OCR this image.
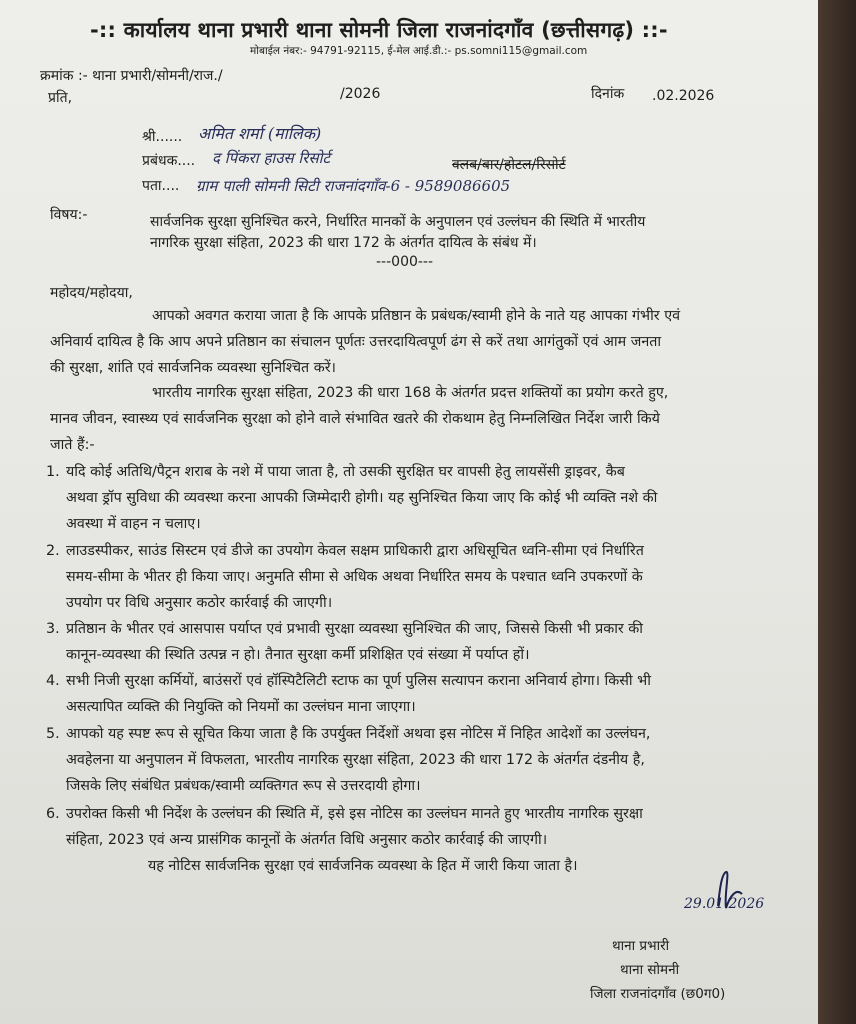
-:: कार्यालय थाना प्रभारी थाना सोमनी जिला राजनांदगाँव (छत्तीसगढ़) ::-
मोबाईल नंबर:- 94791-92115, ई-मेल आई.डी.:- ps.somni115@gmail.com
क्रमांक :- थाना प्रभारी/सोमनी/राज./
/2026
प्रति,	दिनांक .02.2026
श्री...... अमित शर्मा (मालिक)
प्रबंधक.... द पिंकरा हाउस रिसोर्ट	क्लब/बार/होटल/रिसोर्ट
पता.... ग्राम पाली सोमनी सिटी राजनांदगाँव-6 - 9589086605
विषय:-	सार्वजनिक सुरक्षा सुनिश्चित करने, निर्धारित मानकों के अनुपालन एवं उल्लंघन की स्थिति में भारतीय
नागरिक सुरक्षा संहिता, 2023 की धारा 172 के अंतर्गत दायित्व के संबंध में।
---000---
महोदय/महोदया,

आपको अवगत कराया जाता है कि आपके प्रतिष्ठान के प्रबंधक/स्वामी होने के नाते यह आपका गंभीर एवं
अनिवार्य दायित्व है कि आप अपने प्रतिष्ठान का संचालन पूर्णतः उत्तरदायित्वपूर्ण ढंग से करें तथा आगंतुकों एवं आम जनता
की सुरक्षा, शांति एवं सार्वजनिक व्यवस्था सुनिश्चित करें।

भारतीय नागरिक सुरक्षा संहिता, 2023 की धारा 168 के अंतर्गत प्रदत्त शक्तियों का प्रयोग करते हुए,
मानव जीवन, स्वास्थ्य एवं सार्वजनिक सुरक्षा को होने वाले संभावित खतरे की रोकथाम हेतु निम्नलिखित निर्देश जारी किये
जाते हैं:-

1. यदि कोई अतिथि/पैट्रन शराब के नशे में पाया जाता है, तो उसकी सुरक्षित घर वापसी हेतु लायसेंसी ड्राइवर, कैब
अथवा ड्रॉप सुविधा की व्यवस्था करना आपकी जिम्मेदारी होगी। यह सुनिश्चित किया जाए कि कोई भी व्यक्ति नशे की
अवस्था में वाहन न चलाए।
2. लाउडस्पीकर, साउंड सिस्टम एवं डीजे का उपयोग केवल सक्षम प्राधिकारी द्वारा अधिसूचित ध्वनि-सीमा एवं निर्धारित
समय-सीमा के भीतर ही किया जाए। अनुमति सीमा से अधिक अथवा निर्धारित समय के पश्चात ध्वनि उपकरणों के
उपयोग पर विधि अनुसार कठोर कार्रवाई की जाएगी।
3. प्रतिष्ठान के भीतर एवं आसपास पर्याप्त एवं प्रभावी सुरक्षा व्यवस्था सुनिश्चित की जाए, जिससे किसी भी प्रकार की
कानून-व्यवस्था की स्थिति उत्पन्न न हो। तैनात सुरक्षा कर्मी प्रशिक्षित एवं संख्या में पर्याप्त हों।
4. सभी निजी सुरक्षा कर्मियों, बाउंसरों एवं हॉस्पिटैलिटी स्टाफ का पूर्ण पुलिस सत्यापन कराना अनिवार्य होगा। किसी भी
असत्यापित व्यक्ति की नियुक्ति को नियमों का उल्लंघन माना जाएगा।
5. आपको यह स्पष्ट रूप से सूचित किया जाता है कि उपर्युक्त निर्देशों अथवा इस नोटिस में निहित आदेशों का उल्लंघन,
अवहेलना या अनुपालन में विफलता, भारतीय नागरिक सुरक्षा संहिता, 2023 की धारा 172 के अंतर्गत दंडनीय है,
जिसके लिए संबंधित प्रबंधक/स्वामी व्यक्तिगत रूप से उत्तरदायी होगा।
6. उपरोक्त किसी भी निर्देश के उल्लंघन की स्थिति में, इसे इस नोटिस का उल्लंघन मानते हुए भारतीय नागरिक सुरक्षा
संहिता, 2023 एवं अन्य प्रासंगिक कानूनों के अंतर्गत विधि अनुसार कठोर कार्रवाई की जाएगी।
यह नोटिस सार्वजनिक सुरक्षा एवं सार्वजनिक व्यवस्था के हित में जारी किया जाता है।
29.01.2026
थाना प्रभारी
थाना सोमनी
जिला राजनांदगाँव (छ0ग0)
